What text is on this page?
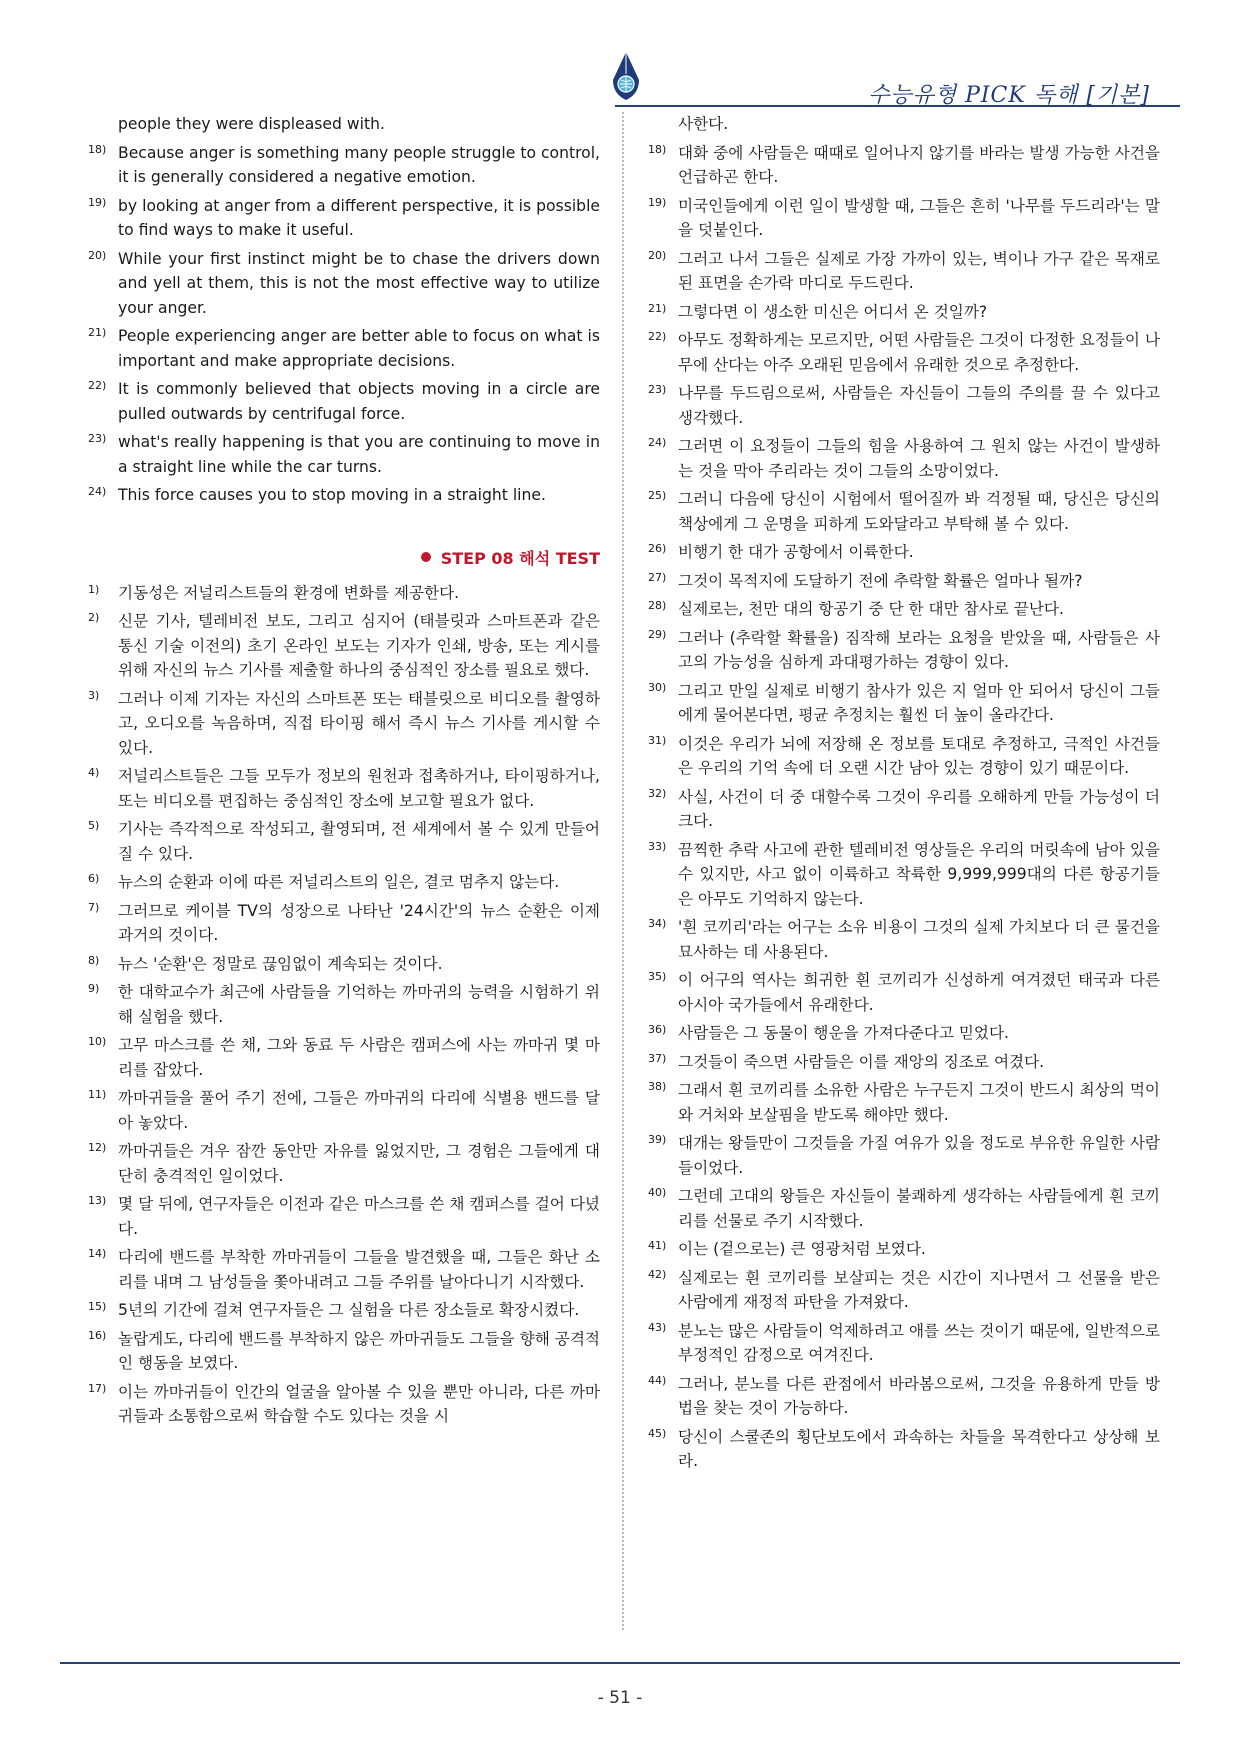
수능유형 PICK 독해 [기본]
people they were displeased with.
18) Because anger is something many people struggle to control, it is generally considered a negative emotion.
19) by looking at anger from a different perspective, it is possible to find ways to make it useful.
20) While your first instinct might be to chase the drivers down and yell at them, this is not the most effective way to utilize your anger.
21) People experiencing anger are better able to focus on what is important and make appropriate decisions.
22) It is commonly believed that objects moving in a circle are pulled outwards by centrifugal force.
23) what's really happening is that you are continuing to move in a straight line while the car turns.
24) This force causes you to stop moving in a straight line.
STEP 08 해석 TEST
1) 기동성은 저널리스트들의 환경에 변화를 제공한다.
2) 신문 기사, 텔레비전 보도, 그리고 심지어 (태블릿과 스마트폰과 같은 통신 기술 이전의) 초기 온라인 보도는 기자가 인쇄, 방송, 또는 게시를 위해 자신의 뉴스 기사를 제출할 하나의 중심적인 장소를 필요로 했다.
3) 그러나 이제 기자는 자신의 스마트폰 또는 태블릿으로 비디오를 촬영하고, 오디오를 녹음하며, 직접 타이핑 해서 즉시 뉴스 기사를 게시할 수 있다.
4) 저널리스트들은 그들 모두가 정보의 원천과 접촉하거나, 타이핑하거나, 또는 비디오를 편집하는 중심적인 장소에 보고할 필요가 없다.
5) 기사는 즉각적으로 작성되고, 촬영되며, 전 세계에서 볼 수 있게 만들어질 수 있다.
6) 뉴스의 순환과 이에 따른 저널리스트의 일은, 결코 멈추지 않는다.
7) 그러므로 케이블 TV의 성장으로 나타난 '24시간'의 뉴스 순환은 이제 과거의 것이다.
8) 뉴스 '순환'은 정말로 끊임없이 계속되는 것이다.
9) 한 대학교수가 최근에 사람들을 기억하는 까마귀의 능력을 시험하기 위해 실험을 했다.
10) 고무 마스크를 쓴 채, 그와 동료 두 사람은 캠퍼스에 사는 까마귀 몇 마리를 잡았다.
11) 까마귀들을 풀어 주기 전에, 그들은 까마귀의 다리에 식별용 밴드를 달아 놓았다.
12) 까마귀들은 겨우 잠깐 동안만 자유를 잃었지만, 그 경험은 그들에게 대단히 충격적인 일이었다.
13) 몇 달 뒤에, 연구자들은 이전과 같은 마스크를 쓴 채 캠퍼스를 걸어 다녔다.
14) 다리에 밴드를 부착한 까마귀들이 그들을 발견했을 때, 그들은 화난 소리를 내며 그 남성들을 쫓아내려고 그들 주위를 날아다니기 시작했다.
15) 5년의 기간에 걸쳐 연구자들은 그 실험을 다른 장소들로 확장시켰다.
16) 놀랍게도, 다리에 밴드를 부착하지 않은 까마귀들도 그들을 향해 공격적인 행동을 보였다.
17) 이는 까마귀들이 인간의 얼굴을 알아볼 수 있을 뿐만 아니라, 다른 까마귀들과 소통함으로써 학습할 수도 있다는 것을 시
사한다.
18) 대화 중에 사람들은 때때로 일어나지 않기를 바라는 발생 가능한 사건을 언급하곤 한다.
19) 미국인들에게 이런 일이 발생할 때, 그들은 흔히 '나무를 두드리라'는 말을 덧붙인다.
20) 그러고 나서 그들은 실제로 가장 가까이 있는, 벽이나 가구 같은 목재로 된 표면을 손가락 마디로 두드린다.
21) 그렇다면 이 생소한 미신은 어디서 온 것일까?
22) 아무도 정확하게는 모르지만, 어떤 사람들은 그것이 다정한 요정들이 나무에 산다는 아주 오래된 믿음에서 유래한 것으로 추정한다.
23) 나무를 두드림으로써, 사람들은 자신들이 그들의 주의를 끌 수 있다고 생각했다.
24) 그러면 이 요정들이 그들의 힘을 사용하여 그 원치 않는 사건이 발생하는 것을 막아 주리라는 것이 그들의 소망이었다.
25) 그러니 다음에 당신이 시험에서 떨어질까 봐 걱정될 때, 당신은 당신의 책상에게 그 운명을 피하게 도와달라고 부탁해 볼 수 있다.
26) 비행기 한 대가 공항에서 이륙한다.
27) 그것이 목적지에 도달하기 전에 추락할 확률은 얼마나 될까?
28) 실제로는, 천만 대의 항공기 중 단 한 대만 참사로 끝난다.
29) 그러나 (추락할 확률을) 짐작해 보라는 요청을 받았을 때, 사람들은 사고의 가능성을 심하게 과대평가하는 경향이 있다.
30) 그리고 만일 실제로 비행기 참사가 있은 지 얼마 안 되어서 당신이 그들에게 물어본다면, 평균 추정치는 훨씬 더 높이 올라간다.
31) 이것은 우리가 뇌에 저장해 온 정보를 토대로 추정하고, 극적인 사건들은 우리의 기억 속에 더 오랜 시간 남아 있는 경향이 있기 때문이다.
32) 사실, 사건이 더 중 대할수록 그것이 우리를 오해하게 만들 가능성이 더 크다.
33) 끔찍한 추락 사고에 관한 텔레비전 영상들은 우리의 머릿속에 남아 있을 수 있지만, 사고 없이 이륙하고 착륙한 9,999,999대의 다른 항공기들은 아무도 기억하지 않는다.
34) '흰 코끼리'라는 어구는 소유 비용이 그것의 실제 가치보다 더 큰 물건을 묘사하는 데 사용된다.
35) 이 어구의 역사는 희귀한 흰 코끼리가 신성하게 여겨졌던 태국과 다른 아시아 국가들에서 유래한다.
36) 사람들은 그 동물이 행운을 가져다준다고 믿었다.
37) 그것들이 죽으면 사람들은 이를 재앙의 징조로 여겼다.
38) 그래서 흰 코끼리를 소유한 사람은 누구든지 그것이 반드시 최상의 먹이와 거처와 보살핌을 받도록 해야만 했다.
39) 대개는 왕들만이 그것들을 가질 여유가 있을 정도로 부유한 유일한 사람들이었다.
40) 그런데 고대의 왕들은 자신들이 불쾌하게 생각하는 사람들에게 흰 코끼리를 선물로 주기 시작했다.
41) 이는 (겉으로는) 큰 영광처럼 보였다.
42) 실제로는 흰 코끼리를 보살피는 것은 시간이 지나면서 그 선물을 받은 사람에게 재정적 파탄을 가져왔다.
43) 분노는 많은 사람들이 억제하려고 애를 쓰는 것이기 때문에, 일반적으로 부정적인 감정으로 여겨진다.
44) 그러나, 분노를 다른 관점에서 바라봄으로써, 그것을 유용하게 만들 방법을 찾는 것이 가능하다.
45) 당신이 스쿨존의 횡단보도에서 과속하는 차들을 목격한다고 상상해 보라.
- 51 -
